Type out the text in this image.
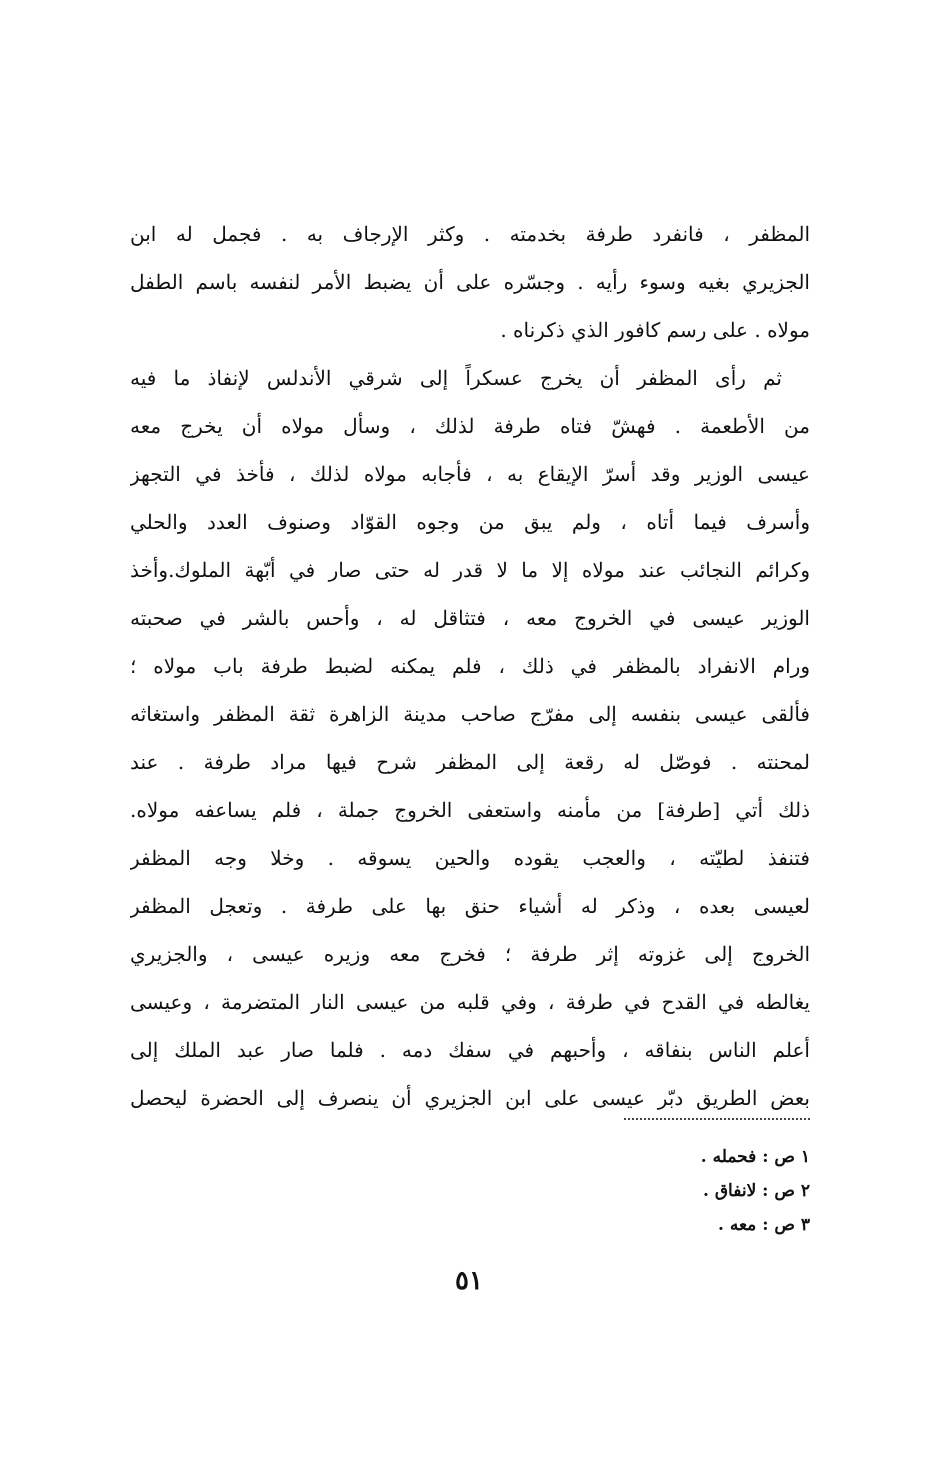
المظفر ، فانفرد طرفة بخدمته . وكثر الإرجاف به . فجمل له ابن
الجزيري بغيه وسوء رأيه . وجسّره على أن يضبط الأمر لنفسه باسم الطفل
مولاه . على رسم كافور الذي ذكرناه .
ثم رأى المظفر أن يخرج عسكراً إلى شرقي الأندلس لإنفاذ ما فيه
من الأطعمة . فهشّ فتاه طرفة لذلك ، وسأل مولاه أن يخرج معه
عيسى الوزير وقد أسرّ الإيقاع به ، فأجابه مولاه لذلك ، فأخذ في التجهز
وأسرف فيما أتاه ، ولم يبق من وجوه القوّاد وصنوف العدد والحلي
وكرائم النجائب عند مولاه إلا ما لا قدر له حتى صار في أبّهة الملوك.وأخذ
الوزير عيسى في الخروج معه ، فتثاقل له ، وأحس بالشر في صحبته
ورام الانفراد بالمظفر في ذلك ، فلم يمكنه لضبط طرفة باب مولاه ؛
فألقى عيسى بنفسه إلى مفرّج صاحب مدينة الزاهرة ثقة المظفر واستغاثه
لمحنته . فوصّل له رقعة إلى المظفر شرح فيها مراد طرفة . عند
ذلك أتي [طرفة] من مأمنه واستعفى الخروج جملة ، فلم يساعفه مولاه.
فتنفذ لطيّته ، والعجب يقوده والحين يسوقه . وخلا وجه المظفر
لعيسى بعده ، وذكر له أشياء حنق بها على طرفة . وتعجل المظفر
الخروج إلى غزوته إثر طرفة ؛ فخرج معه وزيره عيسى ، والجزيري
يغالطه في القدح في طرفة ، وفي قلبه من عيسى النار المتضرمة ، وعيسى
أعلم الناس بنفاقه ، وأحبهم في سفك دمه . فلما صار عبد الملك إلى
بعض الطريق دبّر عيسى على ابن الجزيري أن ينصرف إلى الحضرة ليحصل
١ ص : فحمله .
٢ ص : لانفاق .
٣ ص : معه .
٥١
